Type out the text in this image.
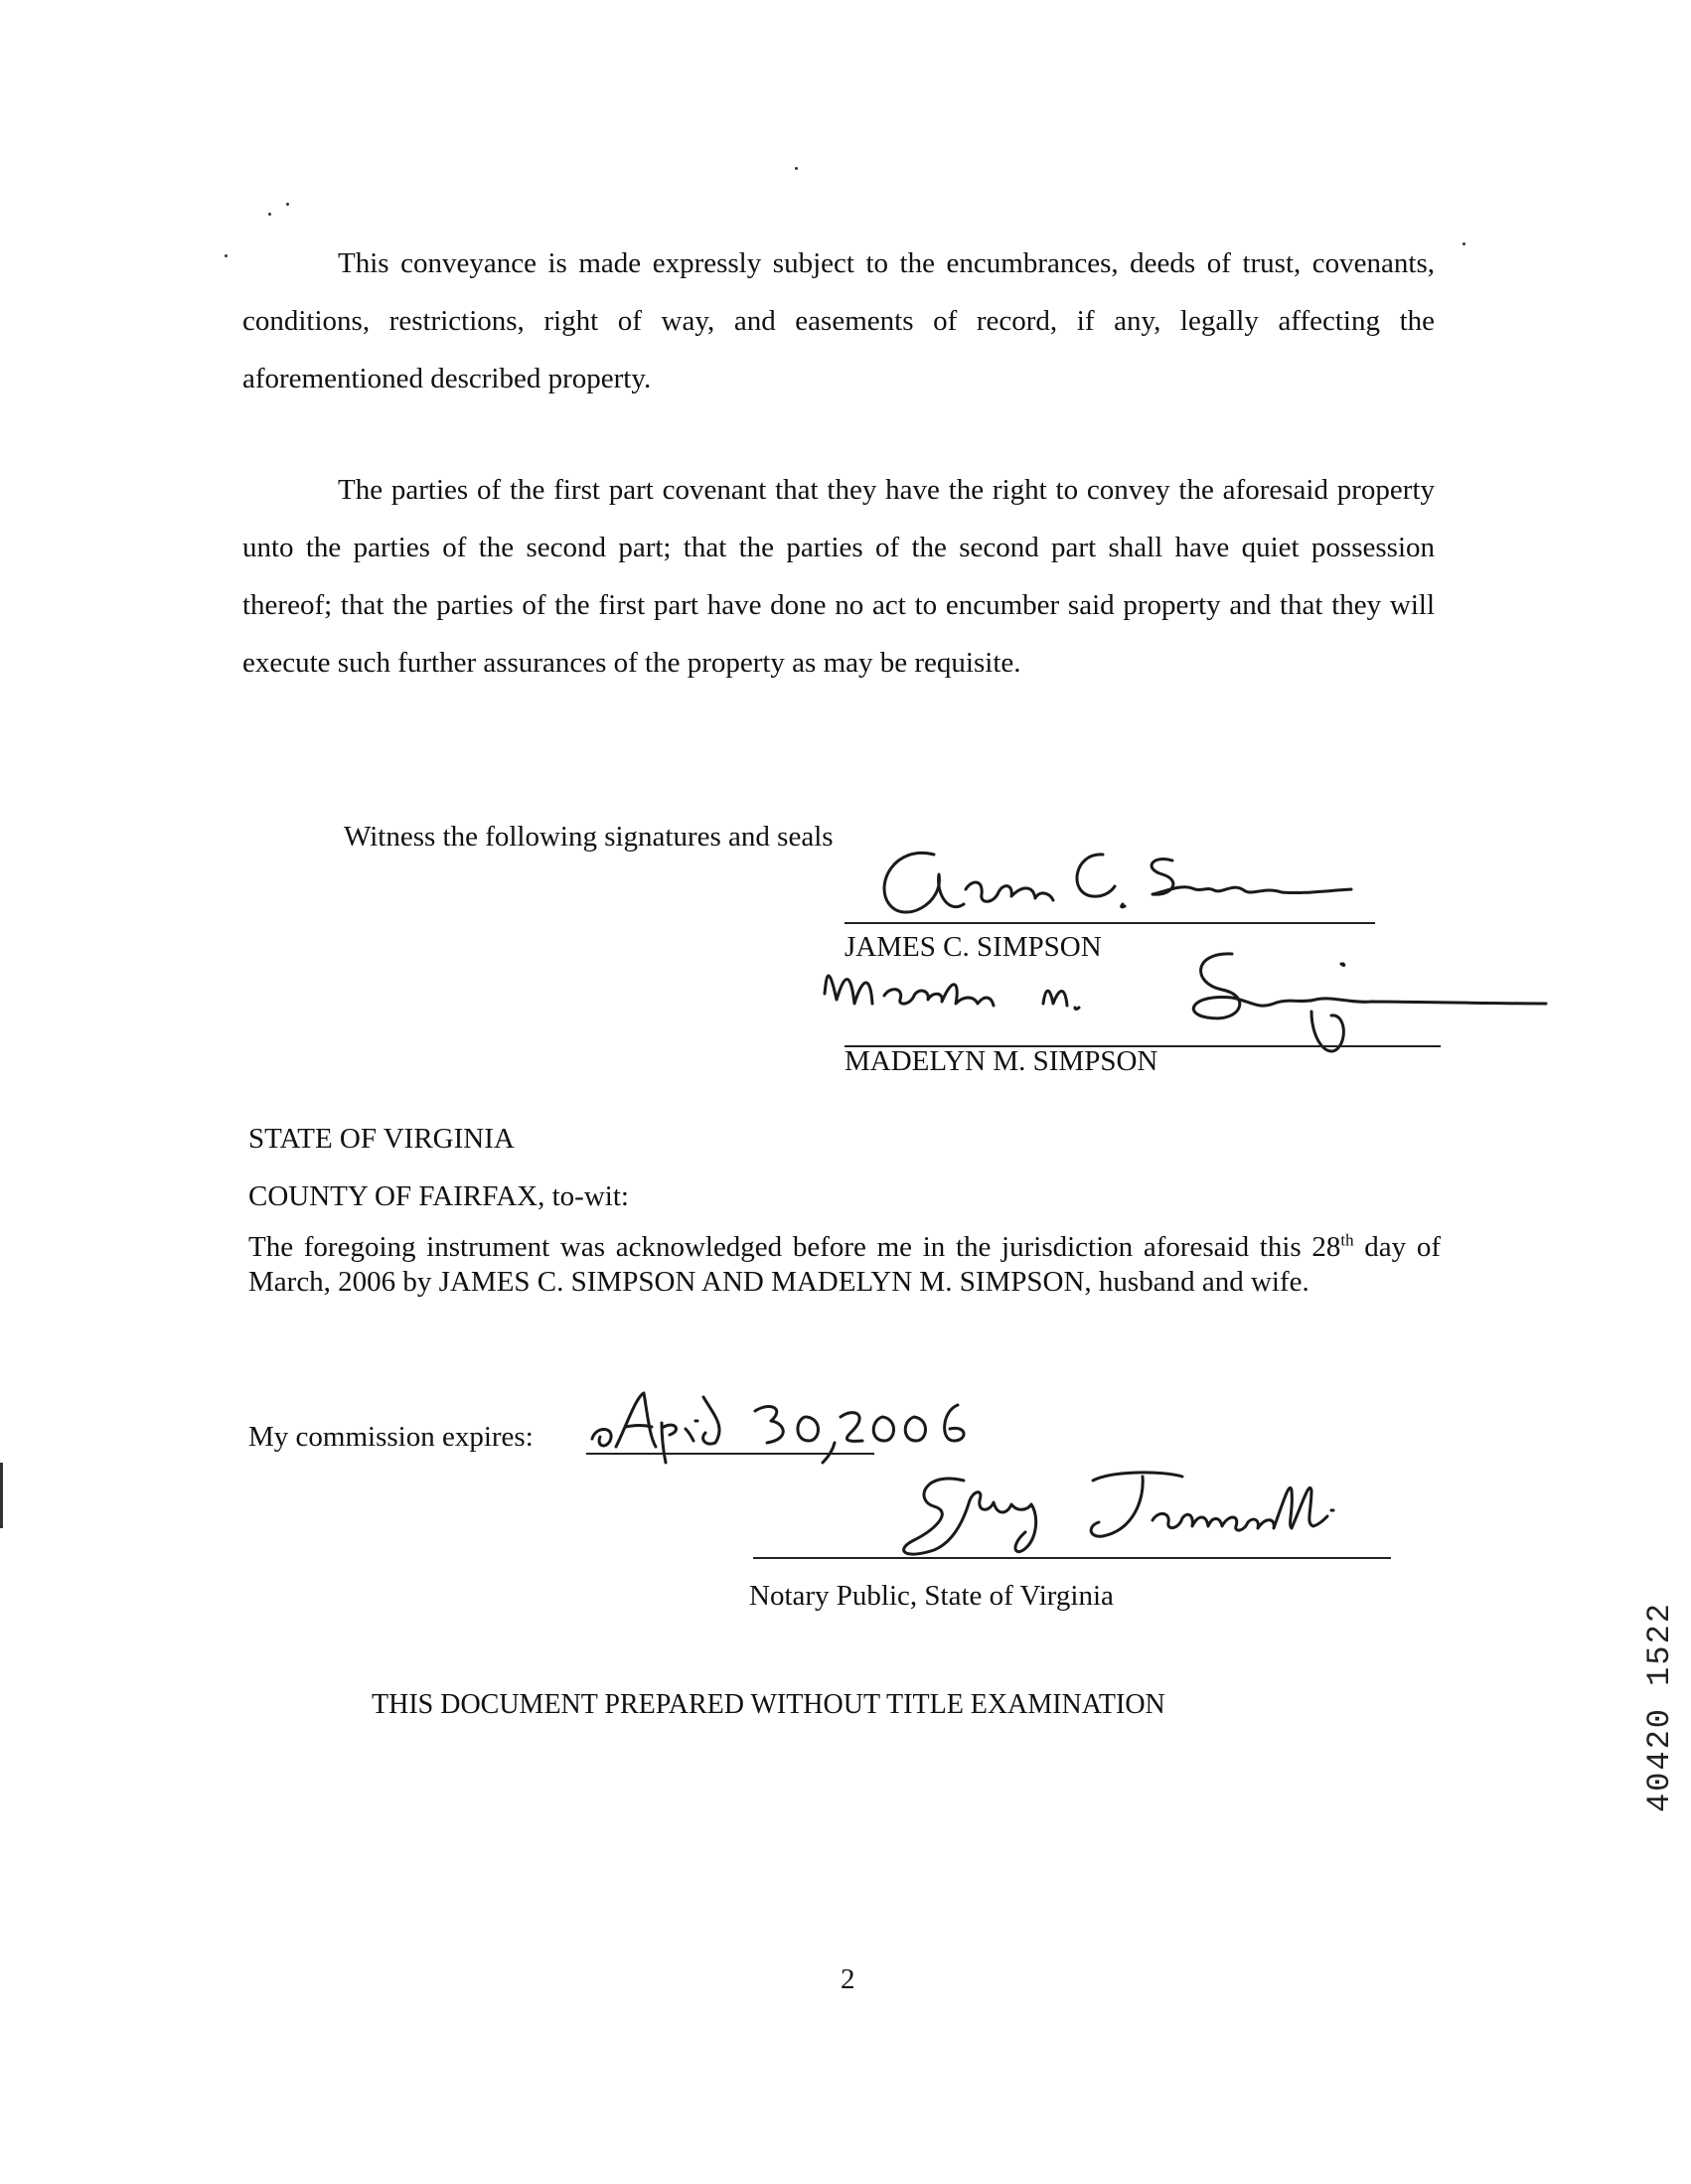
This conveyance is made expressly subject to the encumbrances, deeds of trust, covenants, conditions, restrictions, right of way, and easements of record, if any, legally affecting the aforementioned described property.
The parties of the first part covenant that they have the right to convey the aforesaid property unto the parties of the second part; that the parties of the second part shall have quiet possession thereof; that the parties of the first part have done no act to encumber said property and that they will execute such further assurances of the property as may be requisite.
Witness the following signatures and seals
JAMES C. SIMPSON
MADELYN M. SIMPSON
STATE OF VIRGINIA
COUNTY OF FAIRFAX, to-wit:
The foregoing instrument was acknowledged before me in the jurisdiction aforesaid this 28th day of March, 2006 by JAMES C. SIMPSON AND MADELYN M. SIMPSON, husband and wife.
My commission expires:
Notary Public, State of Virginia
THIS DOCUMENT PREPARED WITHOUT TITLE EXAMINATION	40420 1522
2
